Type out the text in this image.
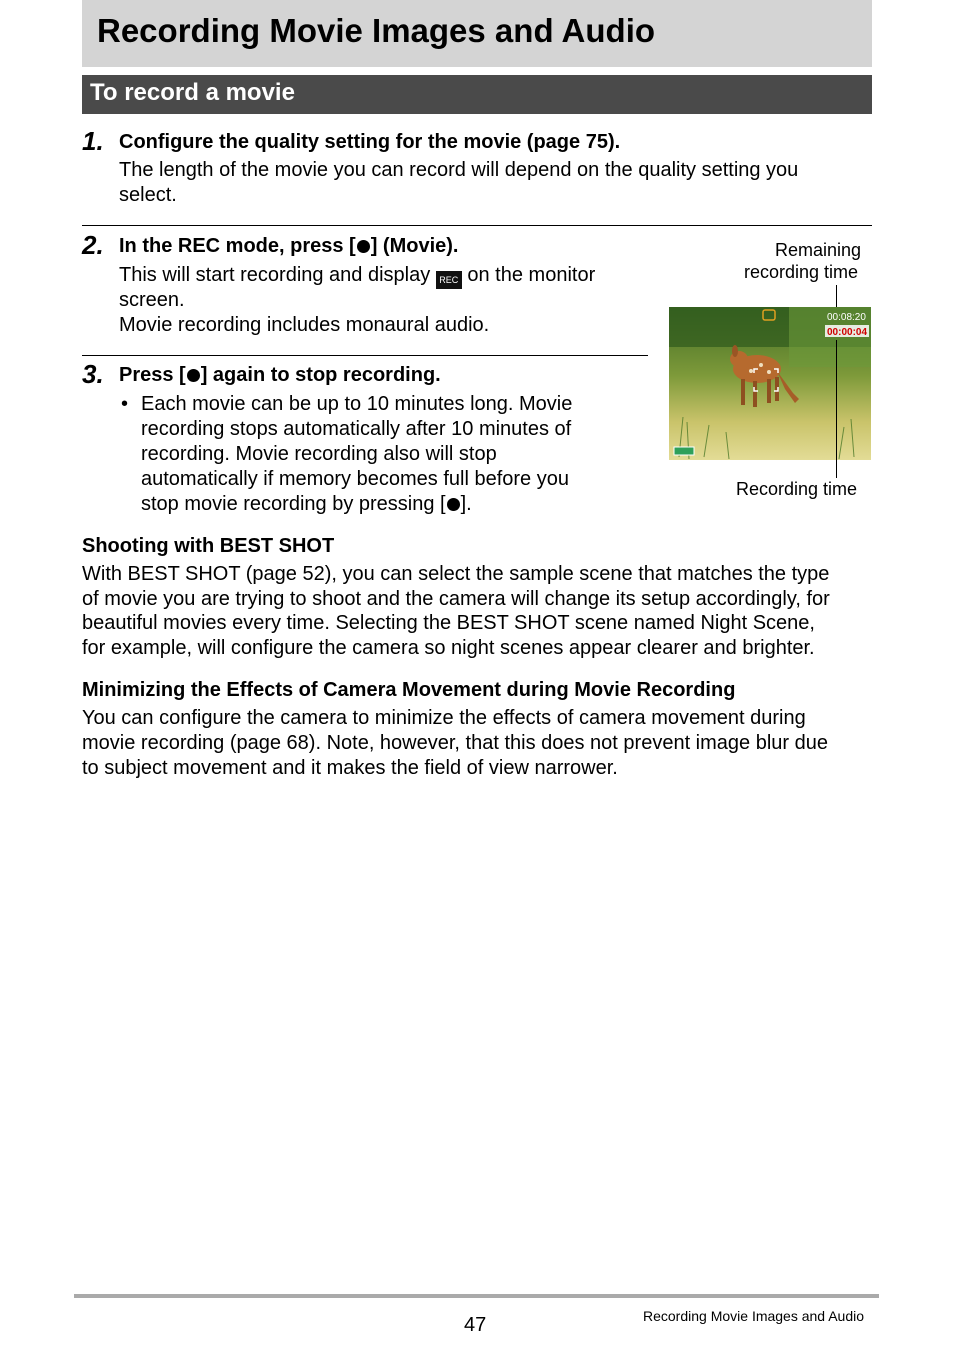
Recording Movie Images and Audio
To record a movie
1. Configure the quality setting for the movie (page 75).
The length of the movie you can record will depend on the quality setting you
select.
2. In the REC mode, press [ ] (Movie).
This will start recording and display REC on the monitor
screen.
Movie recording includes monaural audio.
3. Press [ ] again to stop recording.
• Each movie can be up to 10 minutes long. Movie
recording stops automatically after 10 minutes of
recording. Movie recording also will stop
automatically if memory becomes full before you
stop movie recording by pressing [ ].
Remaining
recording time
00:08:20
00:00:04
Recording time
Shooting with BEST SHOT
With BEST SHOT (page 52), you can select the sample scene that matches the type
of movie you are trying to shoot and the camera will change its setup accordingly, for
beautiful movies every time. Selecting the BEST SHOT scene named Night Scene,
for example, will configure the camera so night scenes appear clearer and brighter.
Minimizing the Effects of Camera Movement during Movie Recording
You can configure the camera to minimize the effects of camera movement during
movie recording (page 68). Note, however, that this does not prevent image blur due
to subject movement and it makes the field of view narrower.
47	Recording Movie Images and Audio
